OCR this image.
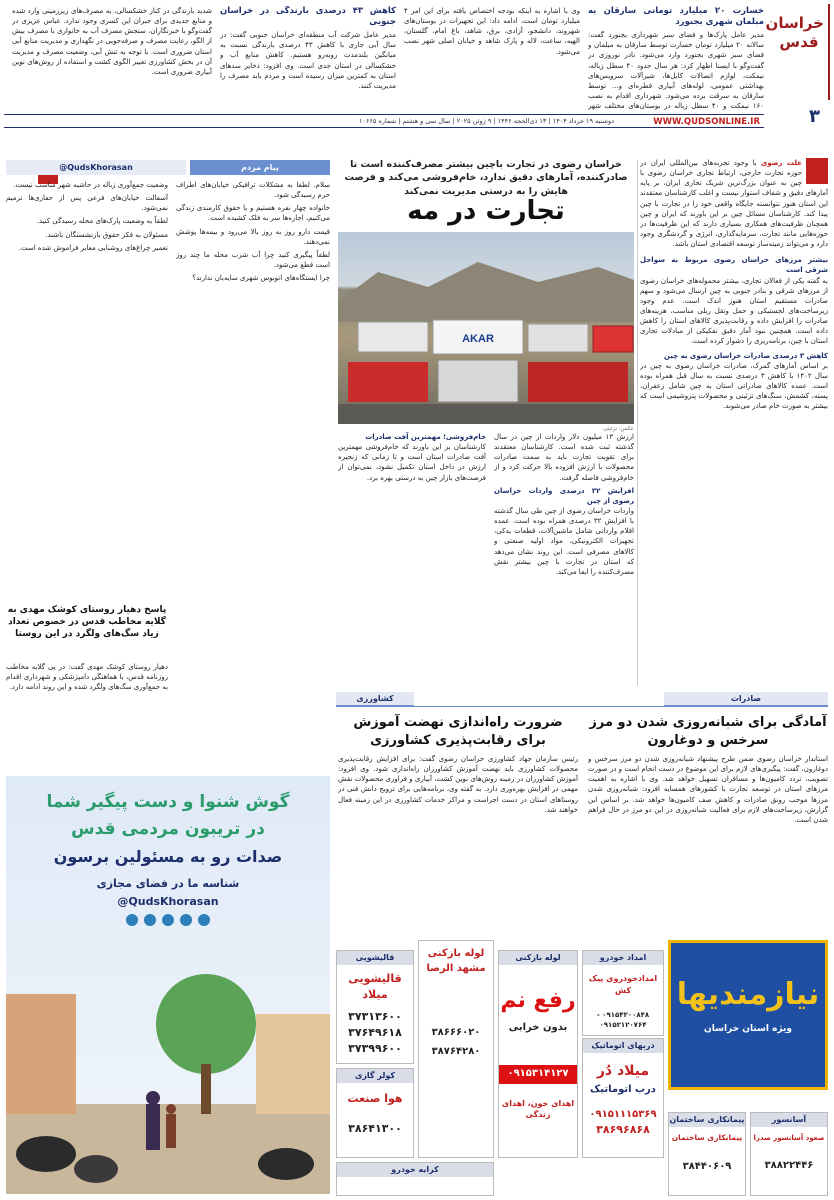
خراسان قدس
۳
خسارت ۲۰ میلیارد تومانی سارقان به مبلمان شهری بجنورد
مدیر عامل پارک‌ها و فضای سبز شهرداری بجنورد گفت: سالانه ۲۰ میلیارد تومان خسارت توسط سارقان به مبلمان و فضای سبز شهری بجنورد وارد می‌شود. نادر نوروزی در گفت‌وگو با ایسنا اظهار کرد: هر سال حدود ۴۰ سطل زباله، نیمکت، لوازم اتصالات کابل‌ها، شیرآلات سرویس‌های بهداشتی عمومی، لوله‌های آبیاری قطره‌ای و... توسط سارقان به سرقت برده می‌شود. شهرداری اقدام به نصب ۱۶۰ نیمکت و ۴۰ سطل زباله در بوستان‌های مختلف شهر
وی با اشاره به اینکه بودجه اختصاص یافته برای این امر ۴ میلیارد تومان است، ادامه داد: این تجهیزات در بوستان‌های شهروند، دانشجو، آزادی، برق، شاهد، باغ امام، گلستان، الهیه، ساعت، لاله و پارک شاهد و خیابان اصلی شهر نصب می‌شود.
کاهش ۴۳ درصدی بارندگی در خراسان جنوبی
مدیر عامل شرکت آب منطقه‌ای خراسان جنوبی گفت: در سال آبی جاری با کاهش ۴۳ درصدی بارندگی نسبت به میانگین بلندمدت روبه‌رو هستیم. کاهش منابع آب و خشکسالی در استان جدی است. وی افزود: ذخایر سدهای استان به کمترین میزان رسیده است و مردم باید مصرف را مدیریت کنند.
شدید بارندگی در کنار خشکسالی، به مصرف‌های زیرزمینی وارد شده و منابع جدیدی برای جبران این کسری وجود ندارد. عباس عزیزی در گفت‌وگو با خبرنگاران، سنجش مصرف آب به خانواری با مصرف بیش از الگو، رعایت مصرف و صرفه‌جویی در نگهداری و مدیریت منابع آبی استان ضروری است. با توجه به تنش آبی، وضعیت مصرف و مدیریت آن در بخش کشاورزی تغییر الگوی کشت و استفاده از روش‌های نوین آبیاری ضروری است.
WWW.QUDSONLINE.IR
دوشنبه ۱۹ خرداد ۱۴۰۴ | ۱۳ ذی‌الحجه ۱۴۴۶ | ۹ ژوئن ۲۰۲۵ | سال سی و هشتم | شماره ۱۰۶۶۵
خراسان رضوی در تجارت باچین بیشتر مصرف‌کننده است تا صادرکننده، آمارهای دقیق ندارد، خام‌فروشی می‌کند و فرصت هایش را به درستی مدیریت نمی‌کند
تجارت در مه
علت رضوی با وجود تجربه‌های بین‌المللی ایران در حوزه تجارت خارجی، ارتباط تجاری خراسان رضوی با چین به عنوان بزرگ‌ترین شریک تجاری ایران، بر پایه آمارهای دقیق و شفاف استوار نیست و اغلب کارشناسان معتقدند این استان هنوز نتوانسته جایگاه واقعی خود را در تجارت با چین پیدا کند. کارشناسان مسائل چین بر این باورند که ایران و چین همچنان ظرفیت‌های همکاری بسیاری دارند که این ظرفیت‌ها در حوزه‌هایی مانند تجارت، سرمایه‌گذاری، انرژی و گردشگری وجود دارد و می‌تواند زمینه‌ساز توسعه اقتصادی استان باشد.
بیشتر مرزهای خراسان رضوی مربوط به سواحل شرقی است

به گفته یکی از فعالان تجاری، بیشتر محموله‌های خراسان رضوی از مرزهای شرقی و بنادر جنوبی به چین ارسال می‌شود و سهم صادرات مستقیم استان هنوز اندک است. عدم وجود زیرساخت‌های لجستیکی و حمل ونقل ریلی مناسب، هزینه‌های صادرات را افزایش داده و رقابت‌پذیری کالاهای استان را کاهش داده است. همچنین نبود آمار دقیق تفکیکی از مبادلات تجاری استان با چین، برنامه‌ریزی را دشوار کرده است.

کاهش ۳ درصدی صادرات خراسان رضوی به چین

بر اساس آمارهای گمرک، صادرات خراسان رضوی به چین در سال ۱۴۰۲ با کاهش ۳ درصدی نسبت به سال قبل همراه بوده است. عمده کالاهای صادراتی استان به چین شامل زعفران، پسته، کشمش، سنگ‌های تزئینی و محصولات پتروشیمی است که بیشتر به صورت خام صادر می‌شوند.

AKAR
عکس: تزئینی

ارزش ۱۳ میلیون دلار واردات از چین در سال گذشته ثبت شده است. کارشناسان معتقدند برای تقویت تجارت باید به سمت صادرات محصولات با ارزش افزوده بالا حرکت کرد و از خام‌فروشی فاصله گرفت.

افزایش ۳۲ درصدی واردات خراسان رضوی از چین

واردات خراسان رضوی از چین طی سال گذشته با افزایش ۳۲ درصدی همراه بوده است. عمده اقلام وارداتی شامل ماشین‌آلات، قطعات یدکی، تجهیزات الکترونیکی، مواد اولیه صنعتی و کالاهای مصرفی است. این روند نشان می‌دهد که استان در تجارت با چین بیشتر نقش مصرف‌کننده را ایفا می‌کند.

خام‌فروشی؛ مهمترین آفت صادرات

کارشناسان بر این باورند که خام‌فروشی مهمترین آفت صادرات استان است و تا زمانی که زنجیره ارزش در داخل استان تکمیل نشود، نمی‌توان از فرصت‌های بازار چین به درستی بهره برد.

پیام مردم
@QudsKhorasan

سلام. لطفا به مشکلات ترافیکی خیابان‌های اطراف حرم رسیدگی شود.

خانواده چهار نفره هستیم و با حقوق کارمندی زندگی می‌کنیم، اجاره‌ها سر به فلک کشیده است.

قیمت دارو روز به روز بالا می‌رود و بیمه‌ها پوشش نمی‌دهند.

لطفاً پیگیری کنید چرا آب شرب محله ما چند روز است قطع می‌شود.

چرا ایستگاه‌های اتوبوس شهری سایه‌بان ندارند؟

وضعیت جمع‌آوری زباله در حاشیه شهر مناسب نیست.

آسفالت خیابان‌های فرعی پس از حفاری‌ها ترمیم نمی‌شود.

لطفاً به وضعیت پارک‌های محله رسیدگی کنید.

مسئولان به فکر حقوق بازنشستگان باشند.

تعمیر چراغ‌های روشنایی معابر فراموش شده است.

پاسخ دهیار روستای کوشک مهدی به گلایه مخاطب قدس در خصوص تعداد زیاد سگ‌های ولگرد در این روستا
دهیار روستای کوشک مهدی گفت: در پی گلایه مخاطب روزنامه قدس، با هماهنگی دامپزشکی و شهرداری اقدام به جمع‌آوری سگ‌های ولگرد شده و این روند ادامه دارد.
صادرات
کشاورزی
آمادگی برای شبانه‌روزی شدن دو مرز سرخس و دوغارون
استاندار خراسان رضوی ضمن طرح پیشنهاد شبانه‌روزی شدن دو مرز سرخس و دوغارون، گفت: پیگیری‌های لازم برای این موضوع در دست انجام است و در صورت تصویب، تردد کامیون‌ها و مسافران تسهیل خواهد شد. وی با اشاره به اهمیت مرزهای استان در توسعه تجارت با کشورهای همسایه افزود: شبانه‌روزی شدن مرزها موجب رونق صادرات و کاهش صف کامیون‌ها خواهد شد. بر اساس این گزارش، زیرساخت‌های لازم برای فعالیت شبانه‌روزی در این دو مرز در حال فراهم شدن است.
ضرورت راه‌اندازی نهضت آموزش برای رقابت‌پذیری کشاورزی
رئیس سازمان جهاد کشاورزی خراسان رضوی گفت: برای افزایش رقابت‌پذیری محصولات کشاورزی باید نهضت آموزش کشاورزان راه‌اندازی شود. وی افزود: آموزش کشاورزان در زمینه روش‌های نوین کشت، آبیاری و فراوری محصولات نقش مهمی در افزایش بهره‌وری دارد. به گفته وی، برنامه‌هایی برای ترویج دانش فنی در روستاهای استان در دست اجراست و مراکز خدمات کشاورزی در این زمینه فعال خواهند شد.
گوش شنوا و دست پیگیر شما
در تریبون مردمی قدس
صدات رو به مسئولین برسون
شناسه ما در فضای مجازی
@QudsKhorasan

نیازمندیها
ویژه استان خراسان
امداد خودرو
امدادخودروی پیک کش
۰۹۱۵۴۲۰۰۸۴۸ - ۰۹۱۵۲۱۲۰۷۶۴
دربهای اتوماتیک
میلاد دُر
درب اتوماتیک
۰۹۱۵۱۱۱۵۳۶۹
۳۸۶۹۶۸۶۸
لوله بازکنی
رفع نم
بدون خرابی
۰۹۱۵۳۱۴۱۲۷
اهدای خون، اهدای زندگی
لوله بازکنی مشهد الرضا
۳۸۶۶۶۰۲۰
۳۸۷۶۴۲۸۰
قالیشویی
قالیشویی میلاد
۳۷۳۱۳۶۰۰
۳۷۶۴۹۶۱۸
۳۷۳۹۹۶۰۰
کولر گازی
هوا صنعت
۳۸۶۴۱۳۰۰
آسانسور
صعود آسانسور صدرا
۳۸۸۲۲۴۴۶
پیمانکاری ساختمان
پیمانکاری ساختمان
۳۸۴۴۰۶۰۹
کرایه خودرو
